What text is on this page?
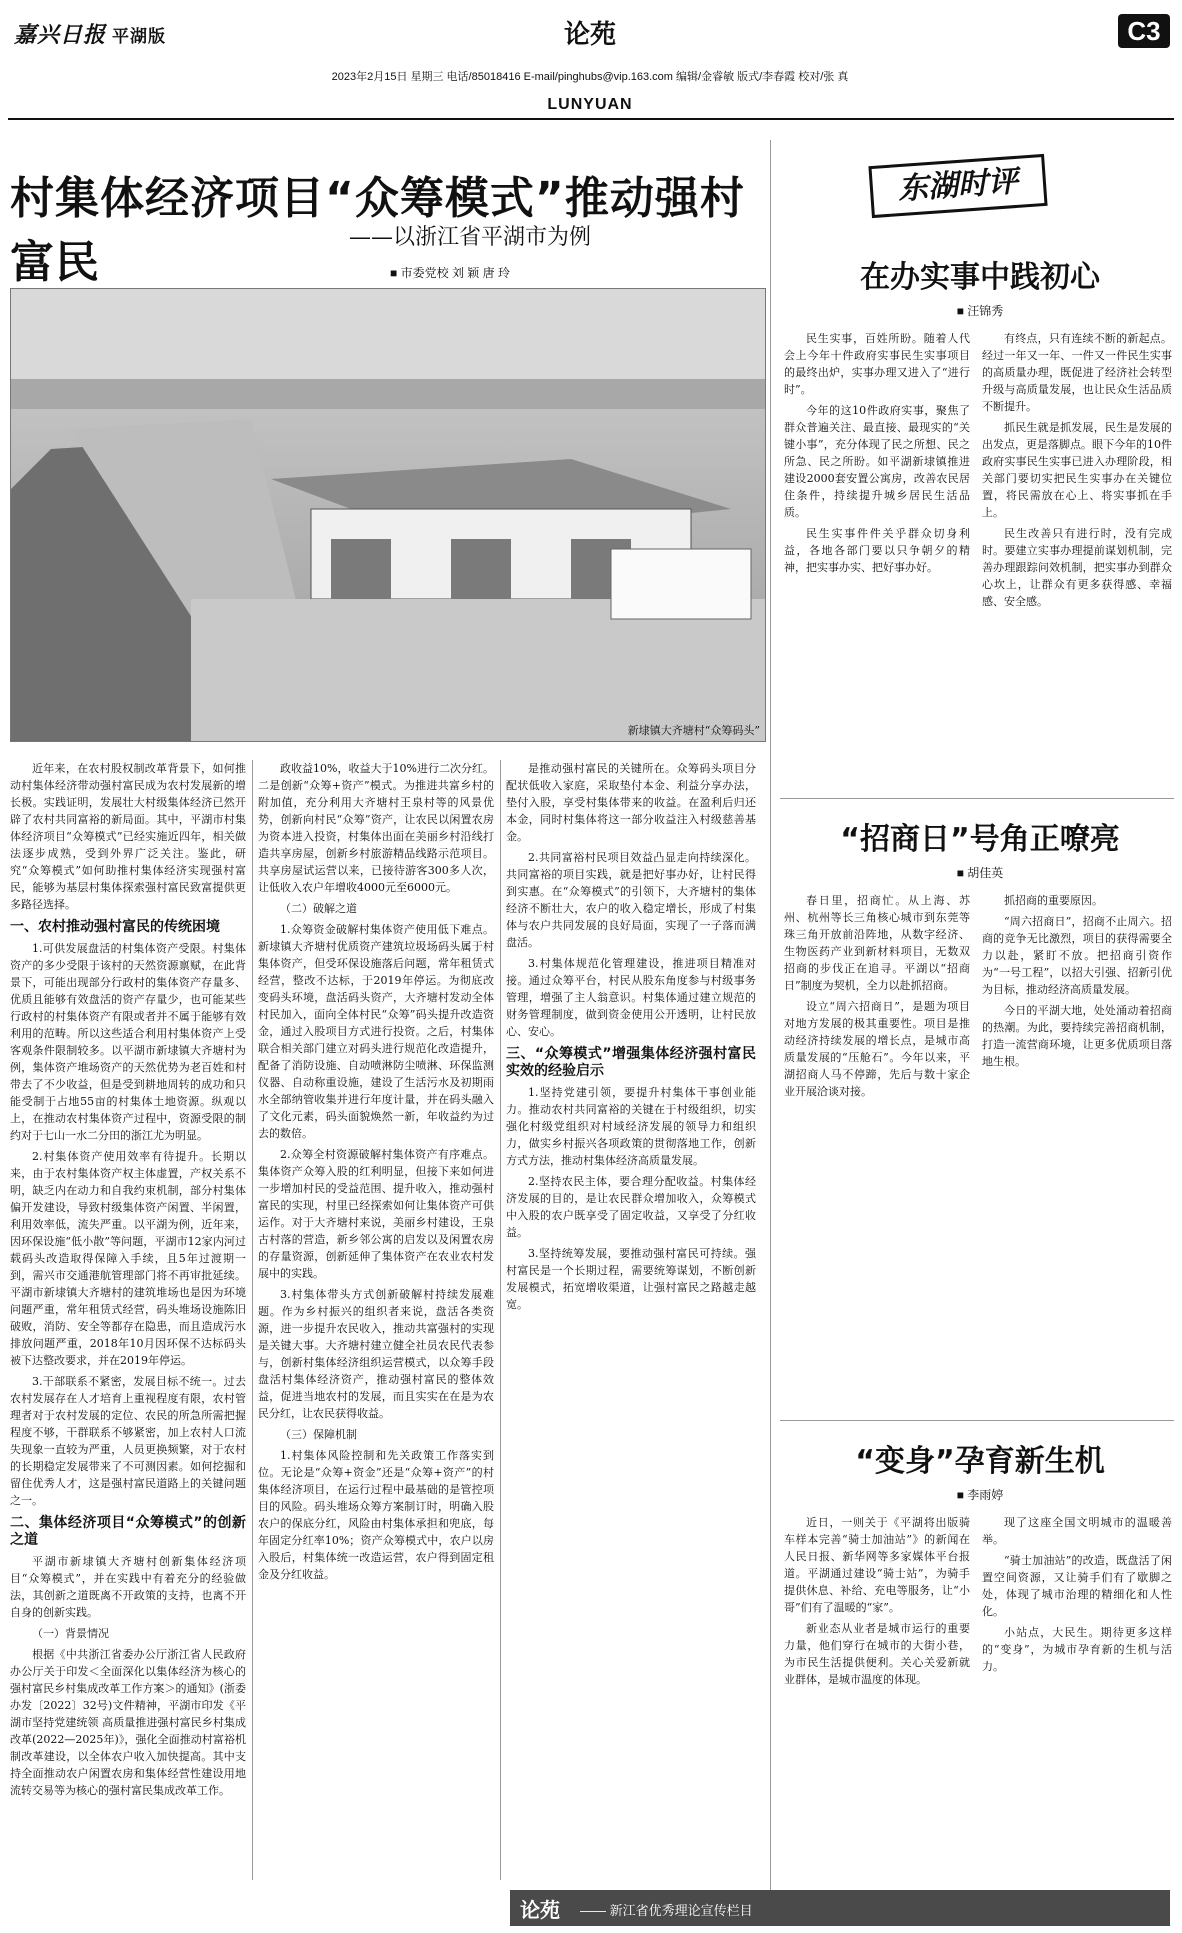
嘉兴日报 平湖版	论苑	C3
2023年2月15日 星期三 电话/85018416 E-mail/pinghubs@vip.163.com 编辑/金睿敏 版式/李春霞 校对/张 真
LUNYUAN
村集体经济项目“众筹模式”推动强村富民	——以浙江省平湖市为例
■ 市委党校 刘 颖 唐 玲
新埭镇大齐塘村“众筹码头”

近年来，在农村股权制改革背景下，如何推动村集体经济带动强村富民成为农村发展新的增长极。实践证明，发展壮大村级集体经济已然开辟了农村共同富裕的新局面。其中，平湖市村集体经济项目“众筹模式”已经实施近四年，相关做法逐步成熟，受到外界广泛关注。鉴此，研究“众筹模式”如何助推村集体经济实现强村富民，能够为基层村集体探索强村富民致富提供更多路径选择。

一、农村推动强村富民的传统困境

1.可供发展盘活的村集体资产受限。村集体资产的多少受限于该村的天然资源禀赋，在此背景下，可能出现部分行政村的集体资产存量多、优质且能够有效盘活的资产存量少，也可能某些行政村的村集体资产有限或者并不属于能够有效利用的范畴。所以这些适合利用村集体资产上受客观条件限制较多。以平湖市新埭镇大齐塘村为例，集体资产堆场资产的天然优势为老百姓和村带去了不少收益，但是受到耕地周转的成功和只能受制于占地55亩的村集体土地资源。纵观以上，在推动农村集体资产过程中，资源受限的制约对于七山一水二分田的浙江尤为明显。

2.村集体资产使用效率有待提升。长期以来，由于农村集体资产权主体虚置，产权关系不明，缺乏内在动力和自我约束机制，部分村集体偏开发建设，导致村级集体资产闲置、半闲置，利用效率低，流失严重。以平湖为例，近年来，因环保设施“低小散”等问题，平湖市12家内河过载码头改造取得保障入手续，且5年过渡期一到，需兴市交通港航管理部门将不再审批延续。平湖市新埭镇大齐塘村的建筑堆场也是因为环境问题严重，常年租赁式经营，码头堆场设施陈旧破败，消防、安全等都存在隐患，而且造成污水排放问题严重，2018年10月因环保不达标码头被下达整改要求，并在2019年停运。

3.干部联系不紧密，发展目标不统一。过去农村发展存在人才培育上重视程度有限，农村管理者对于农村发展的定位、农民的所急所需把握程度不够，干群联系不够紧密，加上农村人口流失现象一直较为严重，人员更换频繁，对于农村的长期稳定发展带来了不可测因素。如何挖掘和留住优秀人才，这是强村富民道路上的关键问题之一。

二、集体经济项目“众筹模式”的创新之道

平湖市新埭镇大齐塘村创新集体经济项目“众筹模式”，并在实践中有着充分的经验做法，其创新之道既离不开政策的支持，也离不开自身的创新实践。

（一）背景情况

根据《中共浙江省委办公厅浙江省人民政府办公厅关于印发＜全面深化以集体经济为核心的强村富民乡村集成改革工作方案＞的通知》(浙委办发〔2022〕32号)文件精神，平湖市印发《平湖市坚持党建统领 高质量推进强村富民乡村集成改革(2022—2025年)》，强化全面推动村富裕机制改革建设，以全体农户收入加快提高。其中支持全面推动农户闲置农房和集体经营性建设用地流转交易等为核心的强村富民集成改革工作。

政收益10%，收益大于10%进行二次分红。二是创新“众筹+资产”模式。为推进共富乡村的附加值，充分利用大齐塘村王泉村等的风景优势，创新向村民“众筹”资产，让农民以闲置农房为资本进入投资，村集体出面在美丽乡村沿线打造共享房屋，创新乡村旅游精品线路示范项目。共享房屋试运营以来，已接待游客300多人次，让低收入农户年增收4000元至6000元。

（二）破解之道

1.众筹资金破解村集体资产使用低下难点。新埭镇大齐塘村优质资产建筑垃圾场码头属于村集体资产，但受环保设施落后问题，常年租赁式经营，整改不达标，于2019年停运。为彻底改变码头环境，盘活码头资产，大齐塘村发动全体村民加入，面向全体村民“众筹”码头提升改造资金，通过入股项目方式进行投资。之后，村集体联合相关部门建立对码头进行规范化改造提升，配备了消防设施、自动喷淋防尘喷淋、环保监测仪器、自动称重设施，建设了生活污水及初期雨水全部纳管收集并进行年度计量，并在码头融入了文化元素，码头面貌焕然一新，年收益约为过去的数倍。

2.众筹全村资源破解村集体资产有序难点。集体资产众筹入股的红利明显，但接下来如何进一步增加村民的受益范围、提升收入，推动强村富民的实现，村里已经探索如何让集体资产可供运作。对于大齐塘村来说，美丽乡村建设，王泉古村落的营造，新乡邻公寓的启发以及闲置农房的存量资源，创新延伸了集体资产在农业农村发展中的实践。

3.村集体带头方式创新破解村持续发展难题。作为乡村振兴的组织者来说，盘活各类资源，进一步提升农民收入，推动共富强村的实现是关键大事。大齐塘村建立健全社员农民代表参与，创新村集体经济组织运营模式，以众筹手段盘活村集体经济资产，推动强村富民的整体效益，促进当地农村的发展，而且实实在在是为农民分红，让农民获得收益。

（三）保障机制

1.村集体风险控制和先关政策工作落实到位。无论是“众筹+资金”还是“众筹+资产”的村集体经济项目，在运行过程中最基础的是管控项目的风险。码头堆场众筹方案制订时，明确入股农户的保底分红，风险由村集体承担和兜底，每年固定分红率10%；资产众筹模式中，农户以房入股后，村集体统一改造运营，农户得到固定租金及分红收益。

是推动强村富民的关键所在。众筹码头项目分配状低收入家庭，采取垫付本金、利益分享办法，垫付入股，享受村集体带来的收益。在盈利后归还本金，同时村集体将这一部分收益注入村级慈善基金。

2.共同富裕村民项目效益凸显走向持续深化。共同富裕的项目实践，就是把好事办好，让村民得到实惠。在“众筹模式”的引领下，大齐塘村的集体经济不断壮大，农户的收入稳定增长，形成了村集体与农户共同发展的良好局面，实现了一子落而满盘活。

3.村集体规范化管理建设，推进项目精准对接。通过众筹平台，村民从股东角度参与村级事务管理，增强了主人翁意识。村集体通过建立规范的财务管理制度，做到资金使用公开透明，让村民放心、安心。

三、“众筹模式”增强集体经济强村富民实效的经验启示

1.坚持党建引领，要提升村集体干事创业能力。推动农村共同富裕的关键在于村级组织，切实强化村级党组织对村域经济发展的领导力和组织力，做实乡村振兴各项政策的贯彻落地工作，创新方式方法，推动村集体经济高质量发展。

2.坚持农民主体，要合理分配收益。村集体经济发展的目的，是让农民群众增加收入，众筹模式中入股的农户既享受了固定收益，又享受了分红收益。

3.坚持统筹发展，要推动强村富民可持续。强村富民是一个长期过程，需要统筹谋划，不断创新发展模式，拓宽增收渠道，让强村富民之路越走越宽。

东湖时评
在办实事中践初心
■ 汪锦秀

民生实事，百姓所盼。随着人代会上今年十件政府实事民生实事项目的最终出炉，实事办理又进入了“进行时”。

今年的这10件政府实事，聚焦了群众普遍关注、最直接、最现实的“关键小事”，充分体现了民之所想、民之所急、民之所盼。如平湖新埭镇推进建设2000套安置公寓房，改善农民居住条件，持续提升城乡居民生活品质。

民生实事件件关乎群众切身利益，各地各部门要以只争朝夕的精神，把实事办实、把好事办好。

有终点，只有连续不断的新起点。经过一年又一年、一件又一件民生实事的高质量办理，既促进了经济社会转型升级与高质量发展，也让民众生活品质不断提升。

抓民生就是抓发展，民生是发展的出发点，更是落脚点。眼下今年的10件政府实事民生实事已进入办理阶段，相关部门要切实把民生实事办在关键位置，将民需放在心上、将实事抓在手上。

民生改善只有进行时，没有完成时。要建立实事办理提前谋划机制，完善办理跟踪问效机制，把实事办到群众心坎上，让群众有更多获得感、幸福感、安全感。

“招商日”号角正嘹亮
■ 胡佳英

春日里，招商忙。从上海、苏州、杭州等长三角核心城市到东莞等珠三角开放前沿阵地，从数字经济、生物医药产业到新材料项目，无数双招商的步伐正在追寻。平湖以“招商日”制度为契机，全力以赴抓招商。

设立“周六招商日”，是题为项目对地方发展的极其重要性。项目是推动经济持续发展的增长点，是城市高质量发展的“压舱石”。今年以来，平湖招商人马不停蹄，先后与数十家企业开展洽谈对接。

抓招商的重要原因。

“周六招商日”，招商不止周六。招商的竞争无比激烈，项目的获得需要全力以赴，紧盯不放。把招商引资作为“一号工程”，以招大引强、招新引优为目标，推动经济高质量发展。

今日的平湖大地，处处涌动着招商的热潮。为此，要持续完善招商机制，打造一流营商环境，让更多优质项目落地生根。

“变身”孕育新生机
■ 李雨婷

近日，一则关于《平湖将出版骑车样本完善“骑士加油站”》的新闻在人民日报、新华网等多家媒体平台报道。平湖通过建设“骑士站”，为骑手提供休息、补给、充电等服务，让“小哥”们有了温暖的“家”。

新业态从业者是城市运行的重要力量，他们穿行在城市的大街小巷，为市民生活提供便利。关心关爱新就业群体，是城市温度的体现。

现了这座全国文明城市的温暖善举。

“骑士加油站”的改造，既盘活了闲置空间资源，又让骑手们有了歇脚之处，体现了城市治理的精细化和人性化。

小站点，大民生。期待更多这样的“变身”，为城市孕育新的生机与活力。

论苑 —— 新江省优秀理论宣传栏目
